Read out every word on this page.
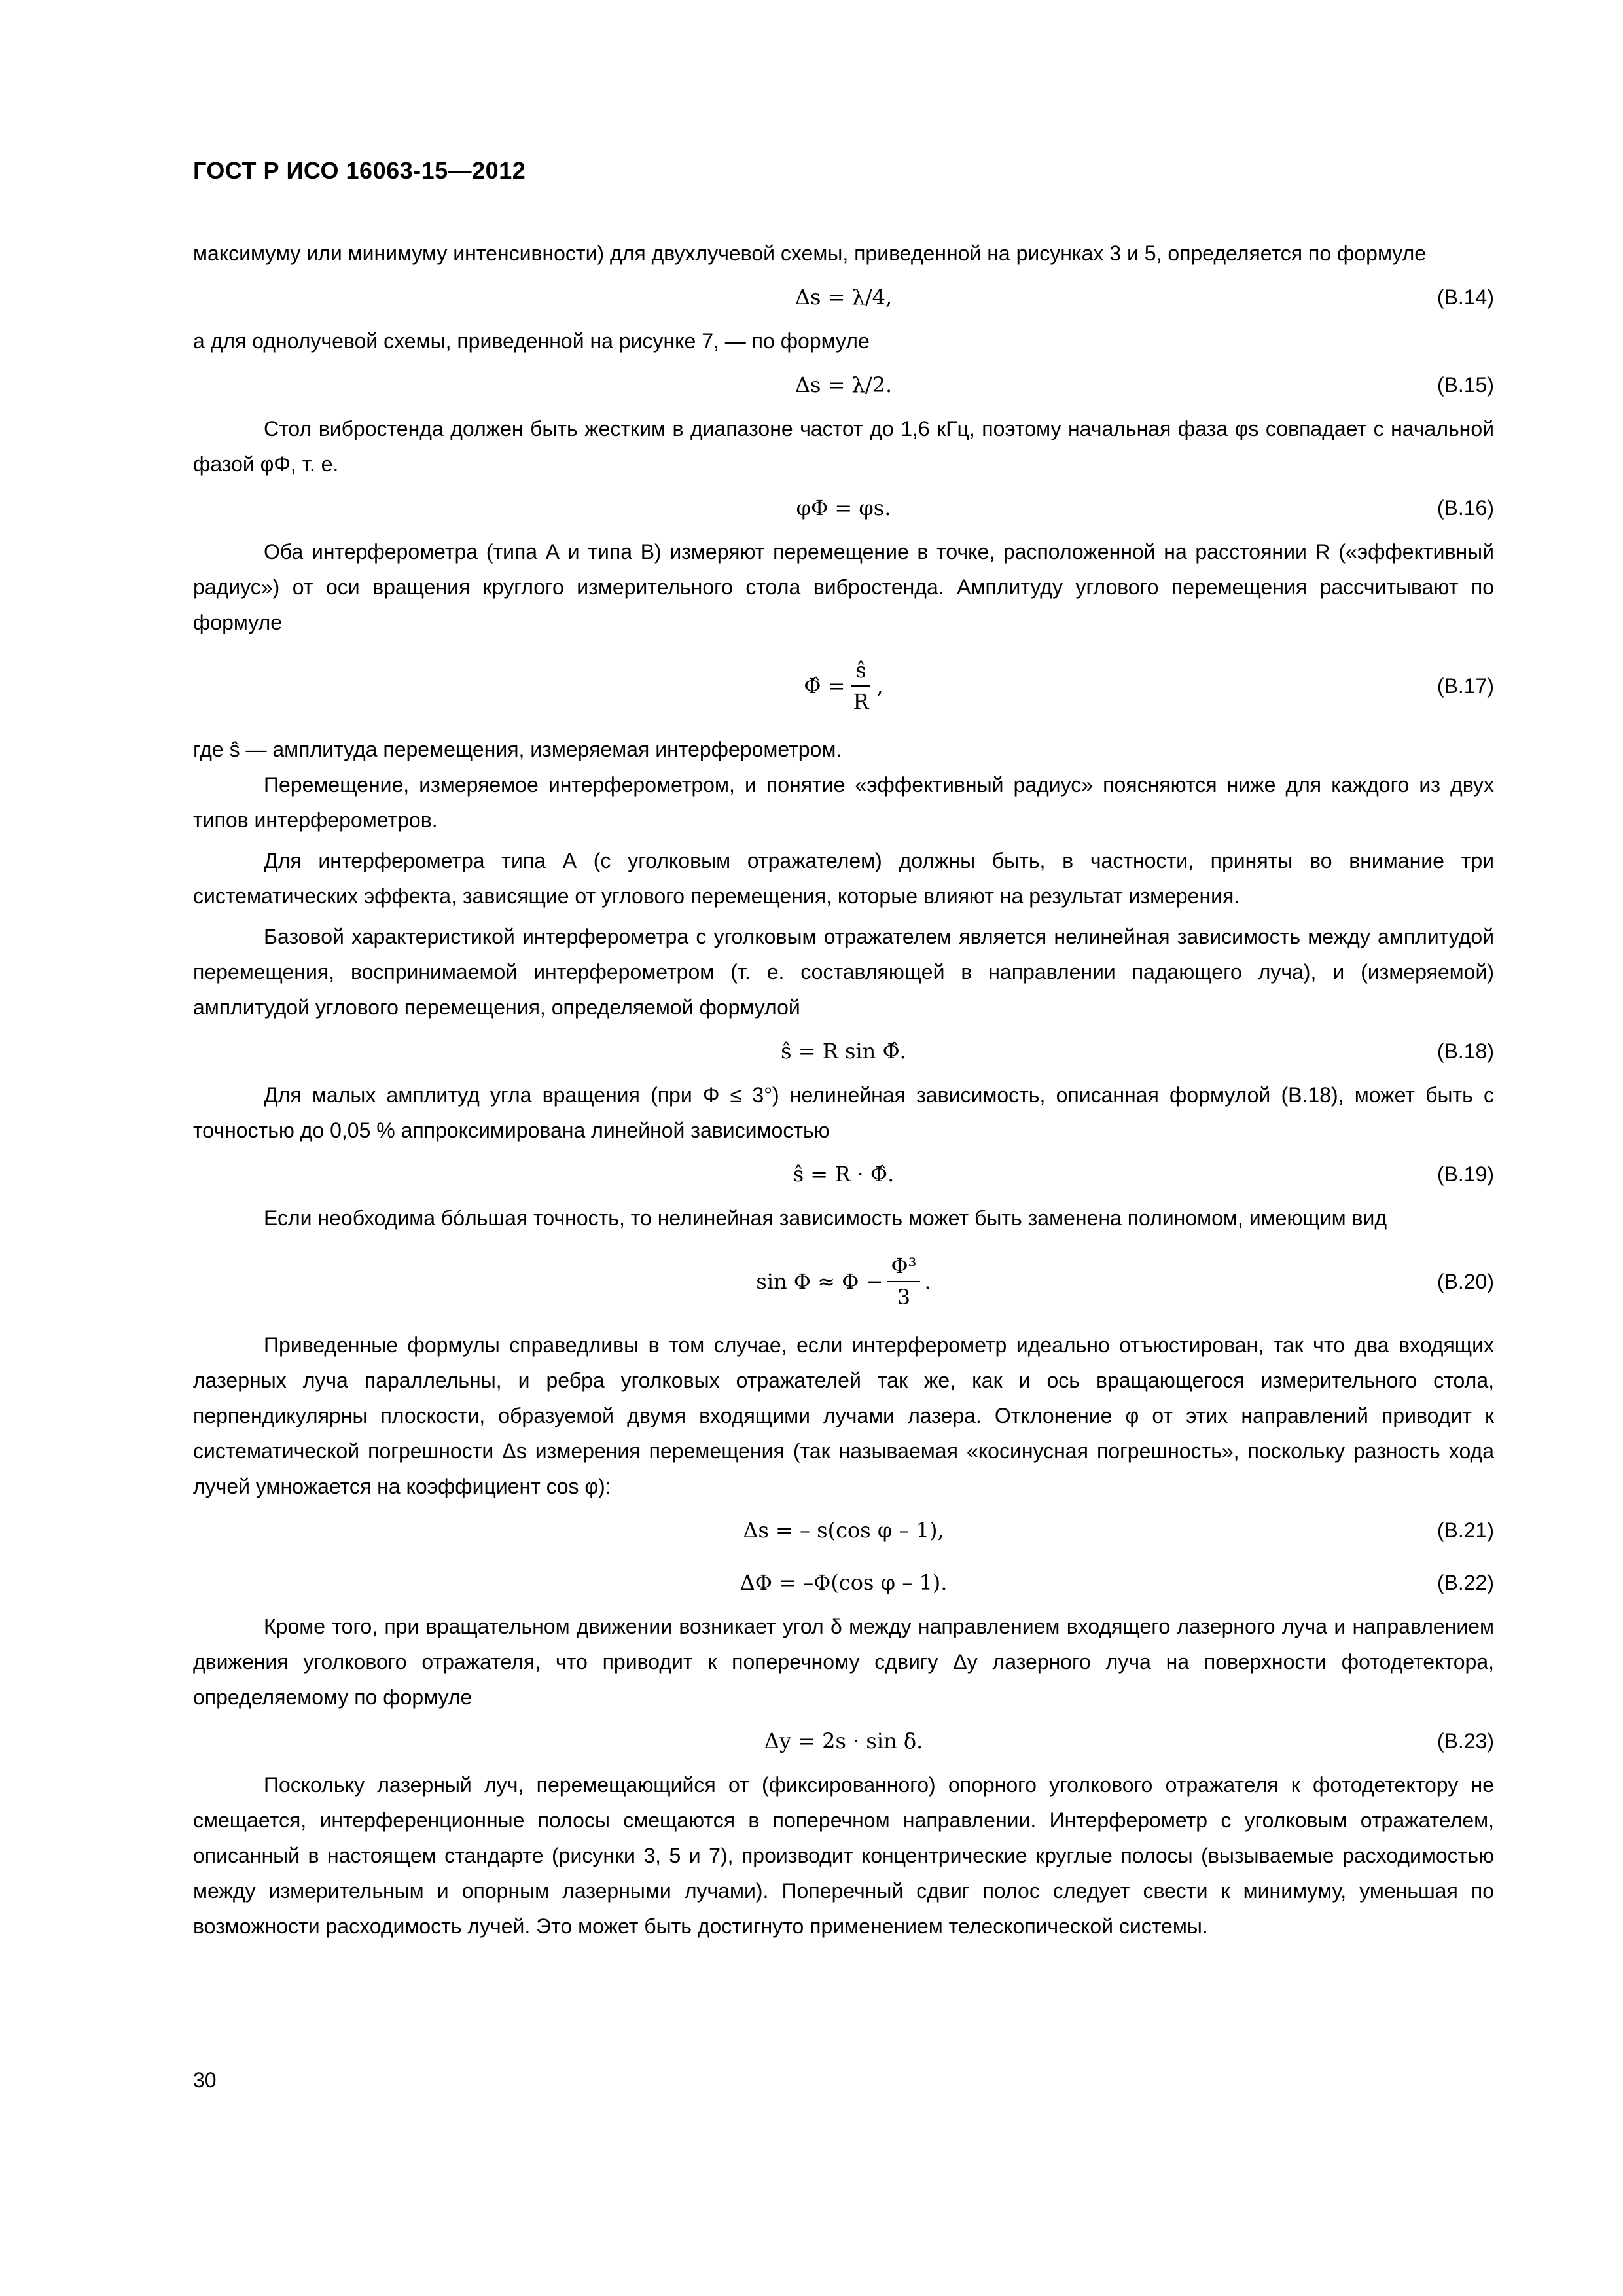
ГОСТ Р ИСО 16063-15—2012

максимуму или минимуму интенсивности) для двухлучевой схемы, приведенной на рисунках 3 и 5, определяется по формуле

Δs = λ/4,	(B.14)

а для однолучевой схемы, приведенной на рисунке 7, — по формуле

Δs = λ/2.	(B.15)

Стол вибростенда должен быть жестким в диапазоне частот до 1,6 кГц, поэтому начальная фаза φs совпадает с начальной фазой φΦ, т. е.

φΦ = φs.	(B.16)

Оба интерферометра (типа А и типа В) измеряют перемещение в точке, расположенной на расстоянии R («эффективный радиус») от оси вращения круглого измерительного стола вибростенда. Амплитуду углового перемещения рассчитывают по формуле

Φ̂ = $\frac{ŝ}{R}$ ,	(B.17)

где ŝ — амплитуда перемещения, измеряемая интерферометром.

Перемещение, измеряемое интерферометром, и понятие «эффективный радиус» поясняются ниже для каждого из двух типов интерферометров.

Для интерферометра типа А (с уголковым отражателем) должны быть, в частности, приняты во внимание три систематических эффекта, зависящие от углового перемещения, которые влияют на результат измерения.

Базовой характеристикой интерферометра с уголковым отражателем является нелинейная зависимость между амплитудой перемещения, воспринимаемой интерферометром (т. е. составляющей в направлении падающего луча), и (измеряемой) амплитудой углового перемещения, определяемой формулой

ŝ = R sin Φ̂.	(B.18)

Для малых амплитуд угла вращения (при Φ ≤ 3°) нелинейная зависимость, описанная формулой (B.18), может быть с точностью до 0,05 % аппроксимирована линейной зависимостью

ŝ = R · Φ̂.	(B.19)

Если необходима бóльшая точность, то нелинейная зависимость может быть заменена полиномом, имеющим вид

$\sin \Phi \approx \Phi - \frac{\text{Φ³}}{3}$ .	(B.20)

Приведенные формулы справедливы в том случае, если интерферометр идеально отъюстирован, так что два входящих лазерных луча параллельны, и ребра уголковых отражателей так же, как и ось вращающегося измерительного стола, перпендикулярны плоскости, образуемой двумя входящими лучами лазера. Отклонение φ от этих направлений приводит к систематической погрешности Δs измерения перемещения (так называемая «косинусная погрешность», поскольку разность хода лучей умножается на коэффициент cos φ):

Δs = – s(cos φ – 1),	(B.21)
ΔΦ = –Φ(cos φ – 1).	(B.22)

Кроме того, при вращательном движении возникает угол δ между направлением входящего лазерного луча и направлением движения уголкового отражателя, что приводит к поперечному сдвигу Δy лазерного луча на поверхности фотодетектора, определяемому по формуле

Δy = 2s · sin δ.	(B.23)

Поскольку лазерный луч, перемещающийся от (фиксированного) опорного уголкового отражателя к фотодетектору не смещается, интерференционные полосы смещаются в поперечном направлении. Интерферометр с уголковым отражателем, описанный в настоящем стандарте (рисунки 3, 5 и 7), производит концентрические круглые полосы (вызываемые расходимостью между измерительным и опорным лазерными лучами). Поперечный сдвиг полос следует свести к минимуму, уменьшая по возможности расходимость лучей. Это может быть достигнуто применением телескопической системы.

30
